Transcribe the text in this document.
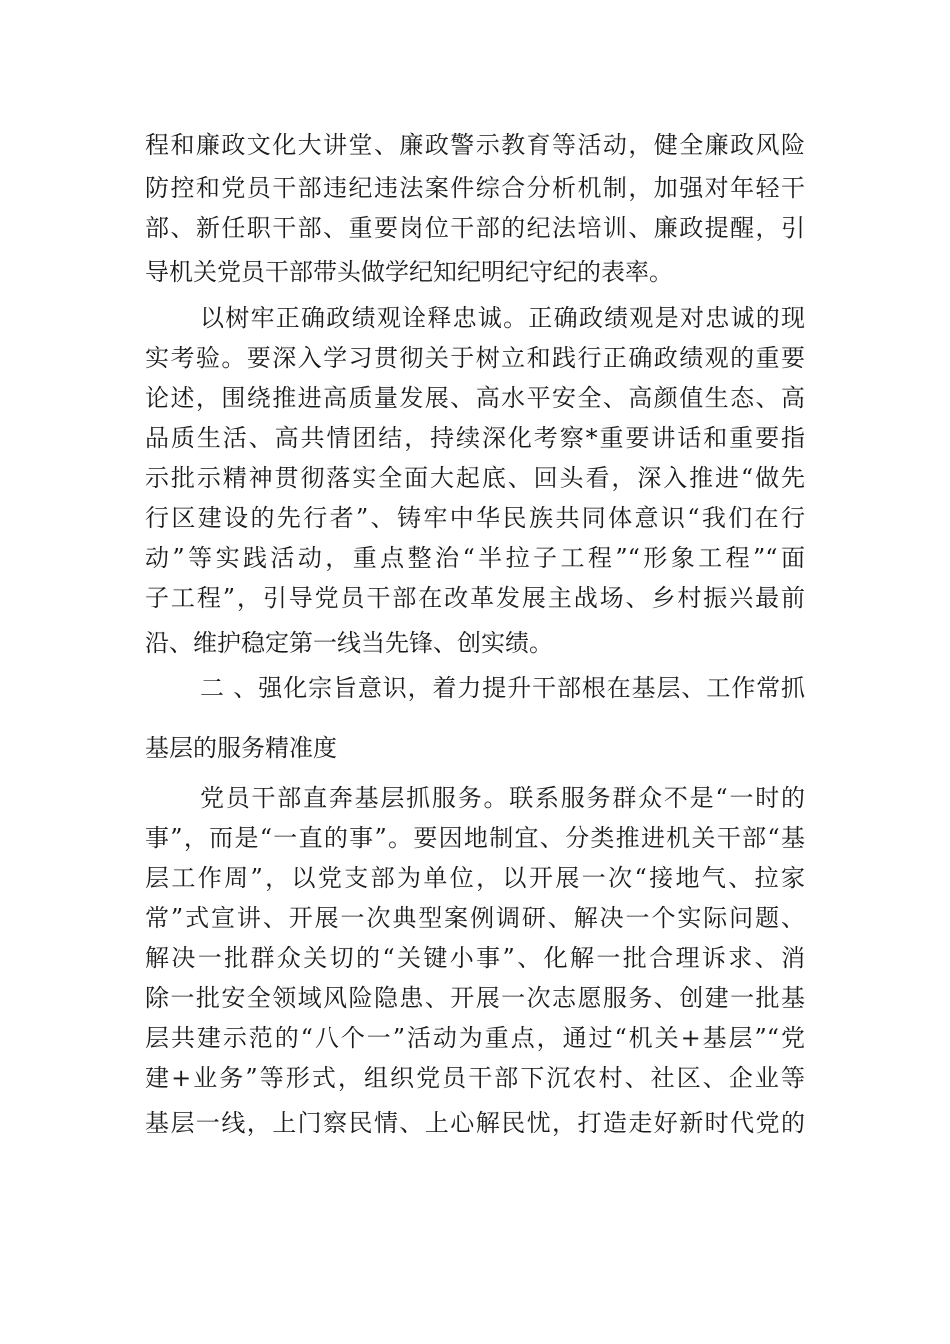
程和廉政文化大讲堂、廉政警示教育等活动，健全廉政风险
防控和党员干部违纪违法案件综合分析机制，加强对年轻干
部、新任职干部、重要岗位干部的纪法培训、廉政提醒，引
导机关党员干部带头做学纪知纪明纪守纪的表率。
以树牢正确政绩观诠释忠诚。正确政绩观是对忠诚的现
实考验。要深入学习贯彻关于树立和践行正确政绩观的重要
论述，围绕推进高质量发展、高水平安全、高颜值生态、高
品质生活、高共情团结，持续深化考察*重要讲话和重要指
示批示精神贯彻落实全面大起底、回头看，深入推进“做先
行区建设的先行者”、铸牢中华民族共同体意识“我们在行
动”等实践活动，重点整治“半拉子工程”“形象工程”“面
子工程”，引导党员干部在改革发展主战场、乡村振兴最前
沿、维护稳定第一线当先锋、创实绩。
二 、强化宗旨意识，着力提升干部根在基层、工作常抓
基层的服务精准度
党员干部直奔基层抓服务。联系服务群众不是“一时的
事”，而是“一直的事”。要因地制宜、分类推进机关干部“基
层工作周”，以党支部为单位，以开展一次“接地气、拉家
常”式宣讲、开展一次典型案例调研、解决一个实际问题、
解决一批群众关切的“关键小事”、化解一批合理诉求、消
除一批安全领域风险隐患、开展一次志愿服务、创建一批基
层共建示范的“八个一”活动为重点，通过“机关+基层”“党
建+业务”等形式，组织党员干部下沉农村、社区、企业等
基层一线，上门察民情、上心解民忧，打造走好新时代党的
